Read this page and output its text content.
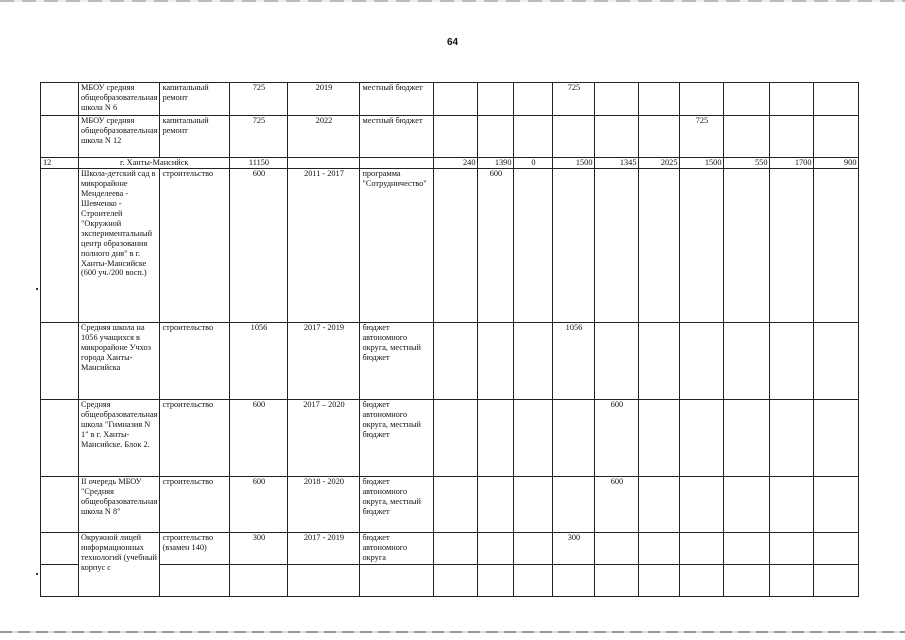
64
	МБОУ средняя общеобразовательная школа N 6	капитальный ремонт	725	2019	местный бюджет				725						
	МБОУ средняя общеобразовательная школа N 12	капитальный ремонт	725	2022	местный бюджет							725			
12	г. Ханты-Мансийск		11150			240	1390	0	1500	1345	2025	1500	550	1700	900
	Школа-детский сад в микрорайоне Менделеева - Шевченко - Строителей "Окружной экспериментальный центр образования полного дня" в г. Ханты-Мансийске (600 уч./200 восп.)	строительство	600	2011 - 2017	программа "Сотрудничество"		600								
	Средняя школа на 1056 учащихся в микрорайоне Учхоз города Ханты-Мансийска	строительство	1056	2017 - 2019	бюджет автономного округа, местный бюджет				1056						
	Средняя общеобразовательная школа "Гимназия N 1" в г. Ханты-Мансийске. Блок 2.	строительство	600	2017 – 2020	бюджет автономного округа, местный бюджет					600					
	II очередь МБОУ "Средняя общеобразовательная школа N 8"	строительство	600	2018 - 2020	бюджет автономного округа, местный бюджет					600					
	Окружной лицей информационных технологий (учебный корпус с	строительство (взамен 140)	300	2017 - 2019	бюджет автономного округа				300						
